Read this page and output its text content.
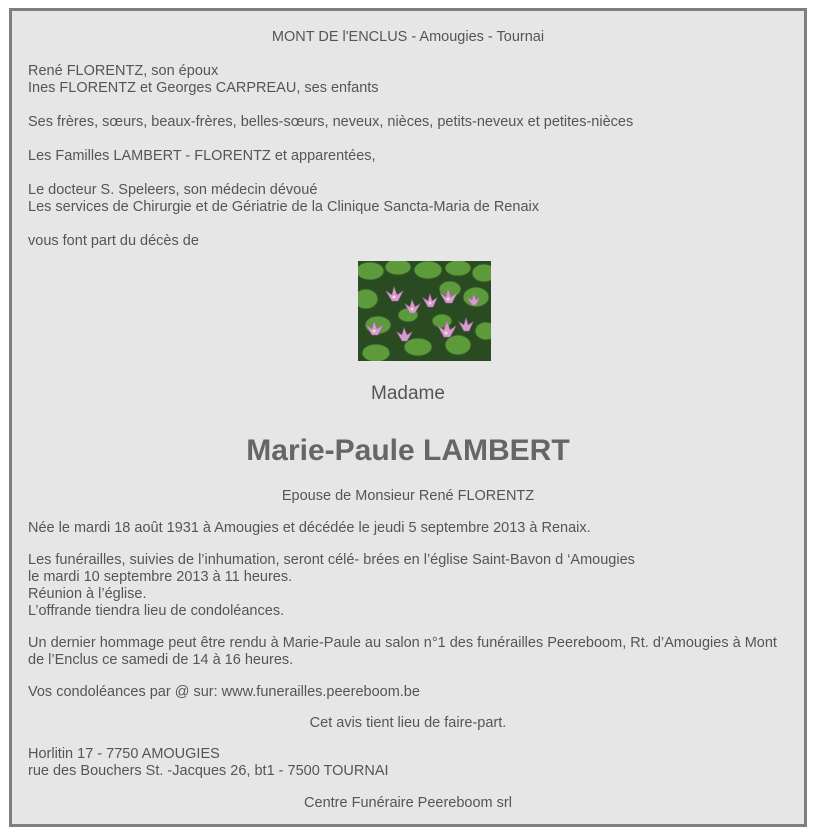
MONT DE l'ENCLUS - Amougies - Tournai
René FLORENTZ, son époux
Ines FLORENTZ et Georges CARPREAU, ses enfants
Ses frères, sœurs, beaux-frères, belles-sœurs, neveux, nièces, petits-neveux et petites-nièces
Les Familles LAMBERT - FLORENTZ et apparentées,
Le docteur S. Speleers, son médecin dévoué
Les services de Chirurgie et de Gériatrie de la Clinique Sancta-Maria de Renaix
vous font part du décès de
Madame
Marie-Paule LAMBERT
Epouse de Monsieur René FLORENTZ
Née le mardi 18 août 1931 à Amougies et décédée le jeudi 5 septembre 2013 à Renaix.
Les funérailles, suivies de l’inhumation, seront célé- brées en l’église Saint-Bavon d ‘Amougies
le mardi 10 septembre 2013 à 11 heures.
Réunion à l’église.
L’offrande tiendra lieu de condoléances.
Un dernier hommage peut être rendu à Marie-Paule au salon n°1 des funérailles Peereboom, Rt. d’Amougies à Mont
de l’Enclus ce samedi de 14 à 16 heures.
Vos condoléances par @ sur: www.funerailles.peereboom.be
Cet avis tient lieu de faire-part.
Horlitin 17 - 7750 AMOUGIES
rue des Bouchers St. -Jacques 26, bt1 - 7500 TOURNAI
Centre Funéraire Peereboom srl
